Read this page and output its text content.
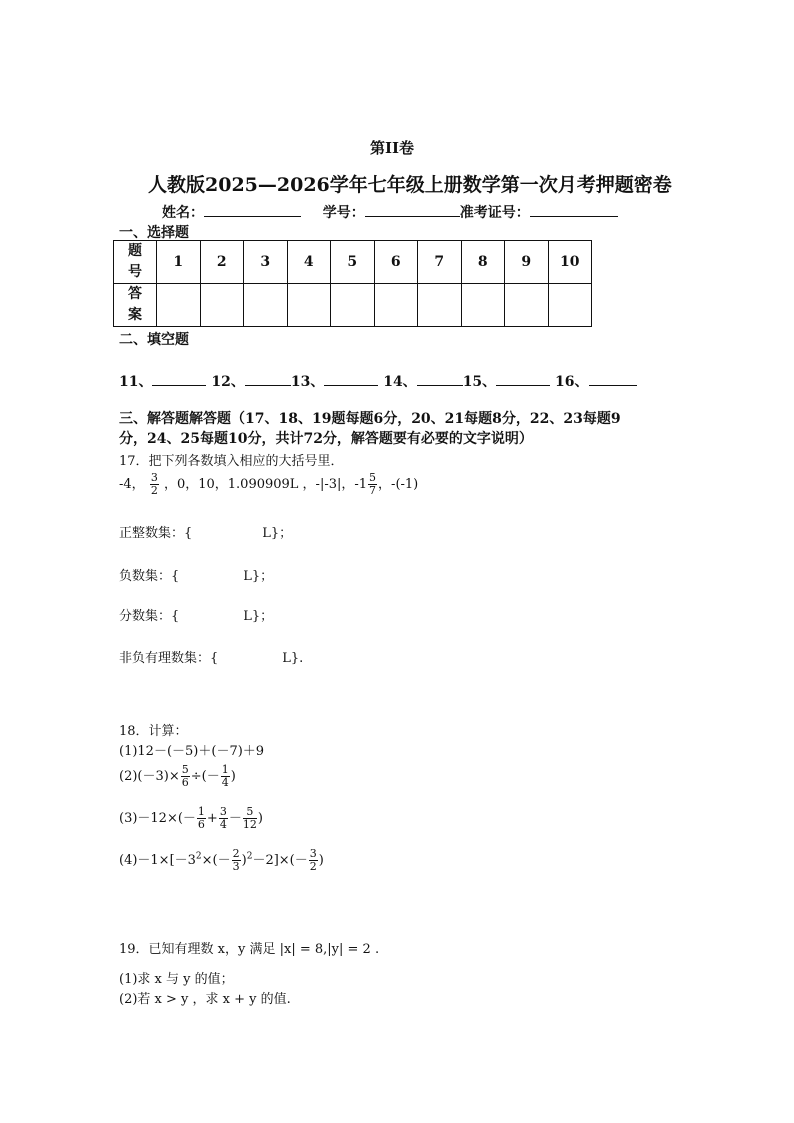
第II卷
人教版2025—2026学年七年级上册数学第一次月考押题密卷
姓名：	学号：	准考证号：
一、选择题
题
号	1	2	3	4	5	6	7	8	9	10
答
案										
二、填空题
11、	12、	13、	14、	15、	16、
三、解答题解答题（17、18、19题每题6分，20、21每题8分，22、23每题9
分，24、25每题10分，共计72分，解答题要有必要的文字说明）
17．把下列各数填入相应的大括号里．
-4， $\frac{3}{2}$ ，0，10，1.090909L ，-|-3|，$-1 \frac{5}{7}$ ，-(-1)
正整数集：{	L}；
负数集：{	L}；
分数集：{	L}；
非负有理数集：{	L}.
18．计算：
(1)12－(－5)＋(－7)＋9
$(2)(-3)\times \frac{5}{6}$ ÷(－ $\frac{1}{4}$ )
$(3)-12\times(- \frac{1}{6} + \frac{3}{4} - \frac{5}{12}$ )
$(4)-1\times[-3^2\times(- \frac{2}{3} )^2-2]\times(- \frac{3}{2}$ )
19．已知有理数 x，y 满足 |x| = 8,|y| = 2 .
(1)求 x 与 y 的值；
(2)若 x > y ，求 x + y 的值.
